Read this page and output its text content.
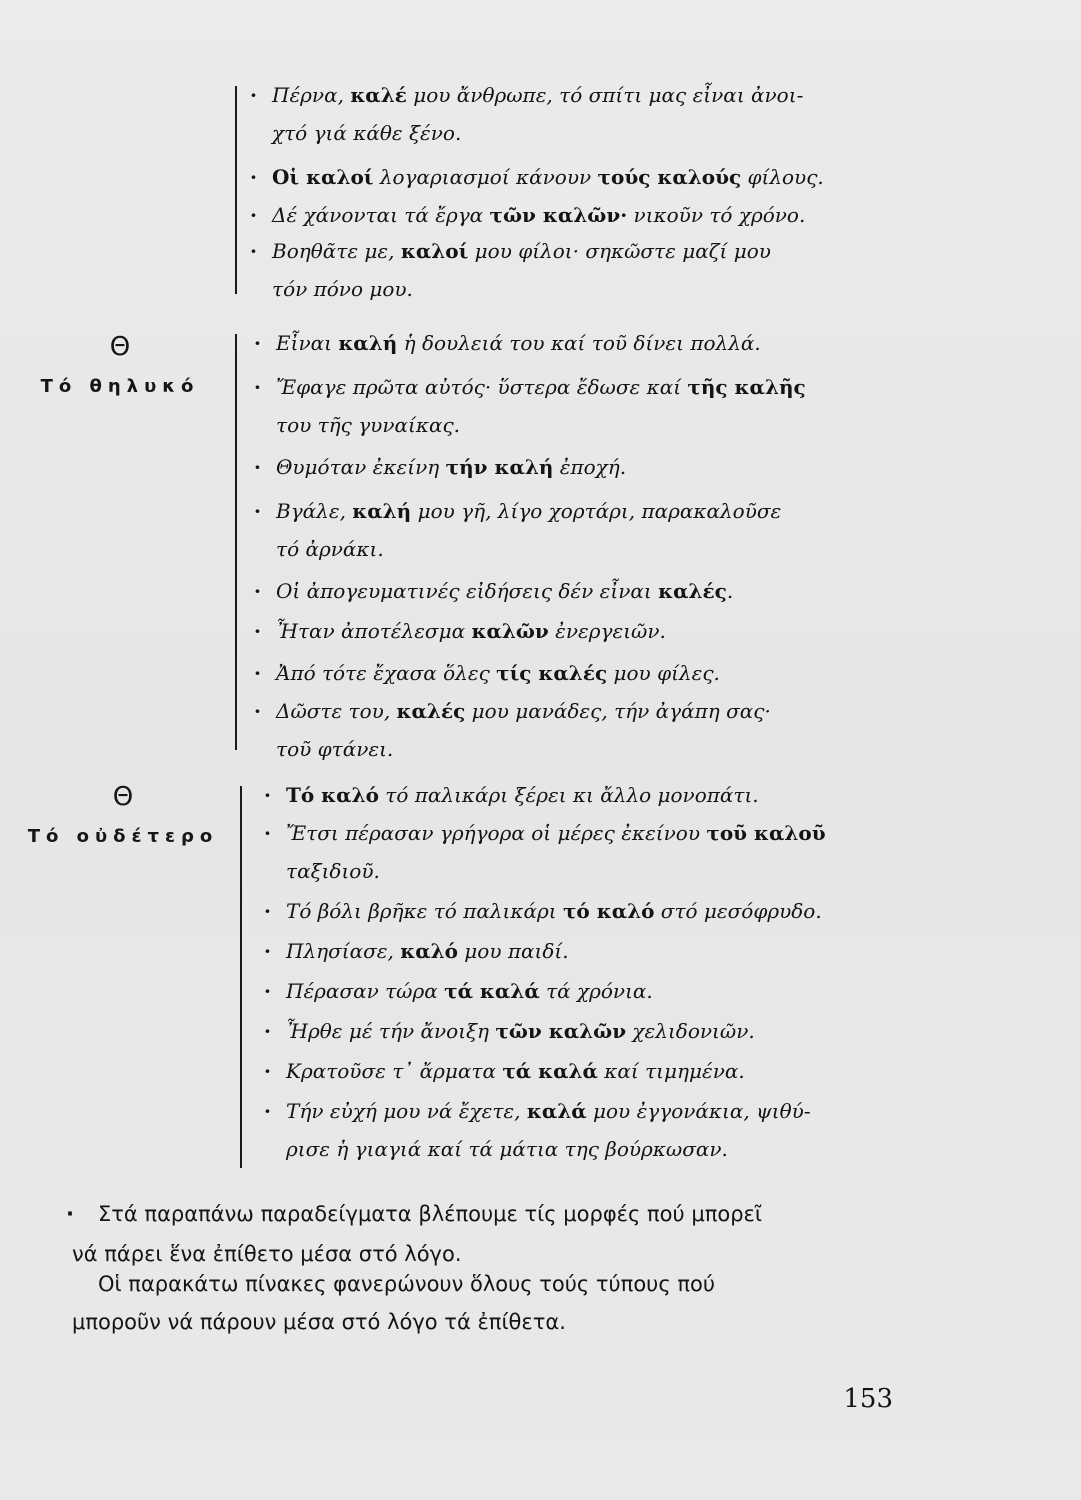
Θ
Τό θηλυκό
Θ
Τό οὐδέτερο
· Πέρνα, καλέ μου ἄνθρωπε, τό σπίτι μας εἶναι ἀνοι-
χτό γιά κάθε ξένο.
· Οἱ καλοί λογαριασμοί κάνουν τούς καλούς φίλους.
· Δέ χάνονται τά ἔργα τῶν καλῶν· νικοῦν τό χρόνο.
· Βοηθᾶτε με, καλοί μου φίλοι· σηκῶστε μαζί μου
τόν πόνο μου.
· Εἶναι καλή ἡ δουλειά του καί τοῦ δίνει πολλά.
· Ἔφαγε πρῶτα αὐτός· ὕστερα ἔδωσε καί τῆς καλῆς
του τῆς γυναίκας.
· Θυμόταν ἐκείνη τήν καλή ἐποχή.
· Βγάλε, καλή μου γῆ, λίγο χορτάρι, παρακαλοῦσε
τό ἀρνάκι.
· Οἱ ἀπογευματινές εἰδήσεις δέν εἶναι καλές.
· Ἦταν ἀποτέλεσμα καλῶν ἐνεργειῶν.
· Ἀπό τότε ἔχασα ὅλες τίς καλές μου φίλες.
· Δῶστε του, καλές μου μανάδες, τήν ἀγάπη σας·
τοῦ φτάνει.
· Τό καλό τό παλικάρι ξέρει κι ἄλλο μονοπάτι.
· Ἔτσι πέρασαν γρήγορα οἱ μέρες ἐκείνου τοῦ καλοῦ
ταξιδιοῦ.
· Τό βόλι βρῆκε τό παλικάρι τό καλό στό μεσόφρυδο.
· Πλησίασε, καλό μου παιδί.
· Πέρασαν τώρα τά καλά τά χρόνια.
· Ἦρθε μέ τήν ἄνοιξη τῶν καλῶν χελιδονιῶν.
· Κρατοῦσε τ᾽ ἄρματα τά καλά καί τιμημένα.
· Τήν εὐχή μου νά ἔχετε, καλά μου ἐγγονάκια, ψιθύ-
ρισε ἡ γιαγιά καί τά μάτια της βούρκωσαν.
· Στά παραπάνω παραδείγματα βλέπουμε τίς μορφές πού μπορεῖ
νά πάρει ἕνα ἐπίθετο μέσα στό λόγο.
Οἱ παρακάτω πίνακες φανερώνουν ὅλους τούς τύπους πού
μποροῦν νά πάρουν μέσα στό λόγο τά ἐπίθετα.
153
